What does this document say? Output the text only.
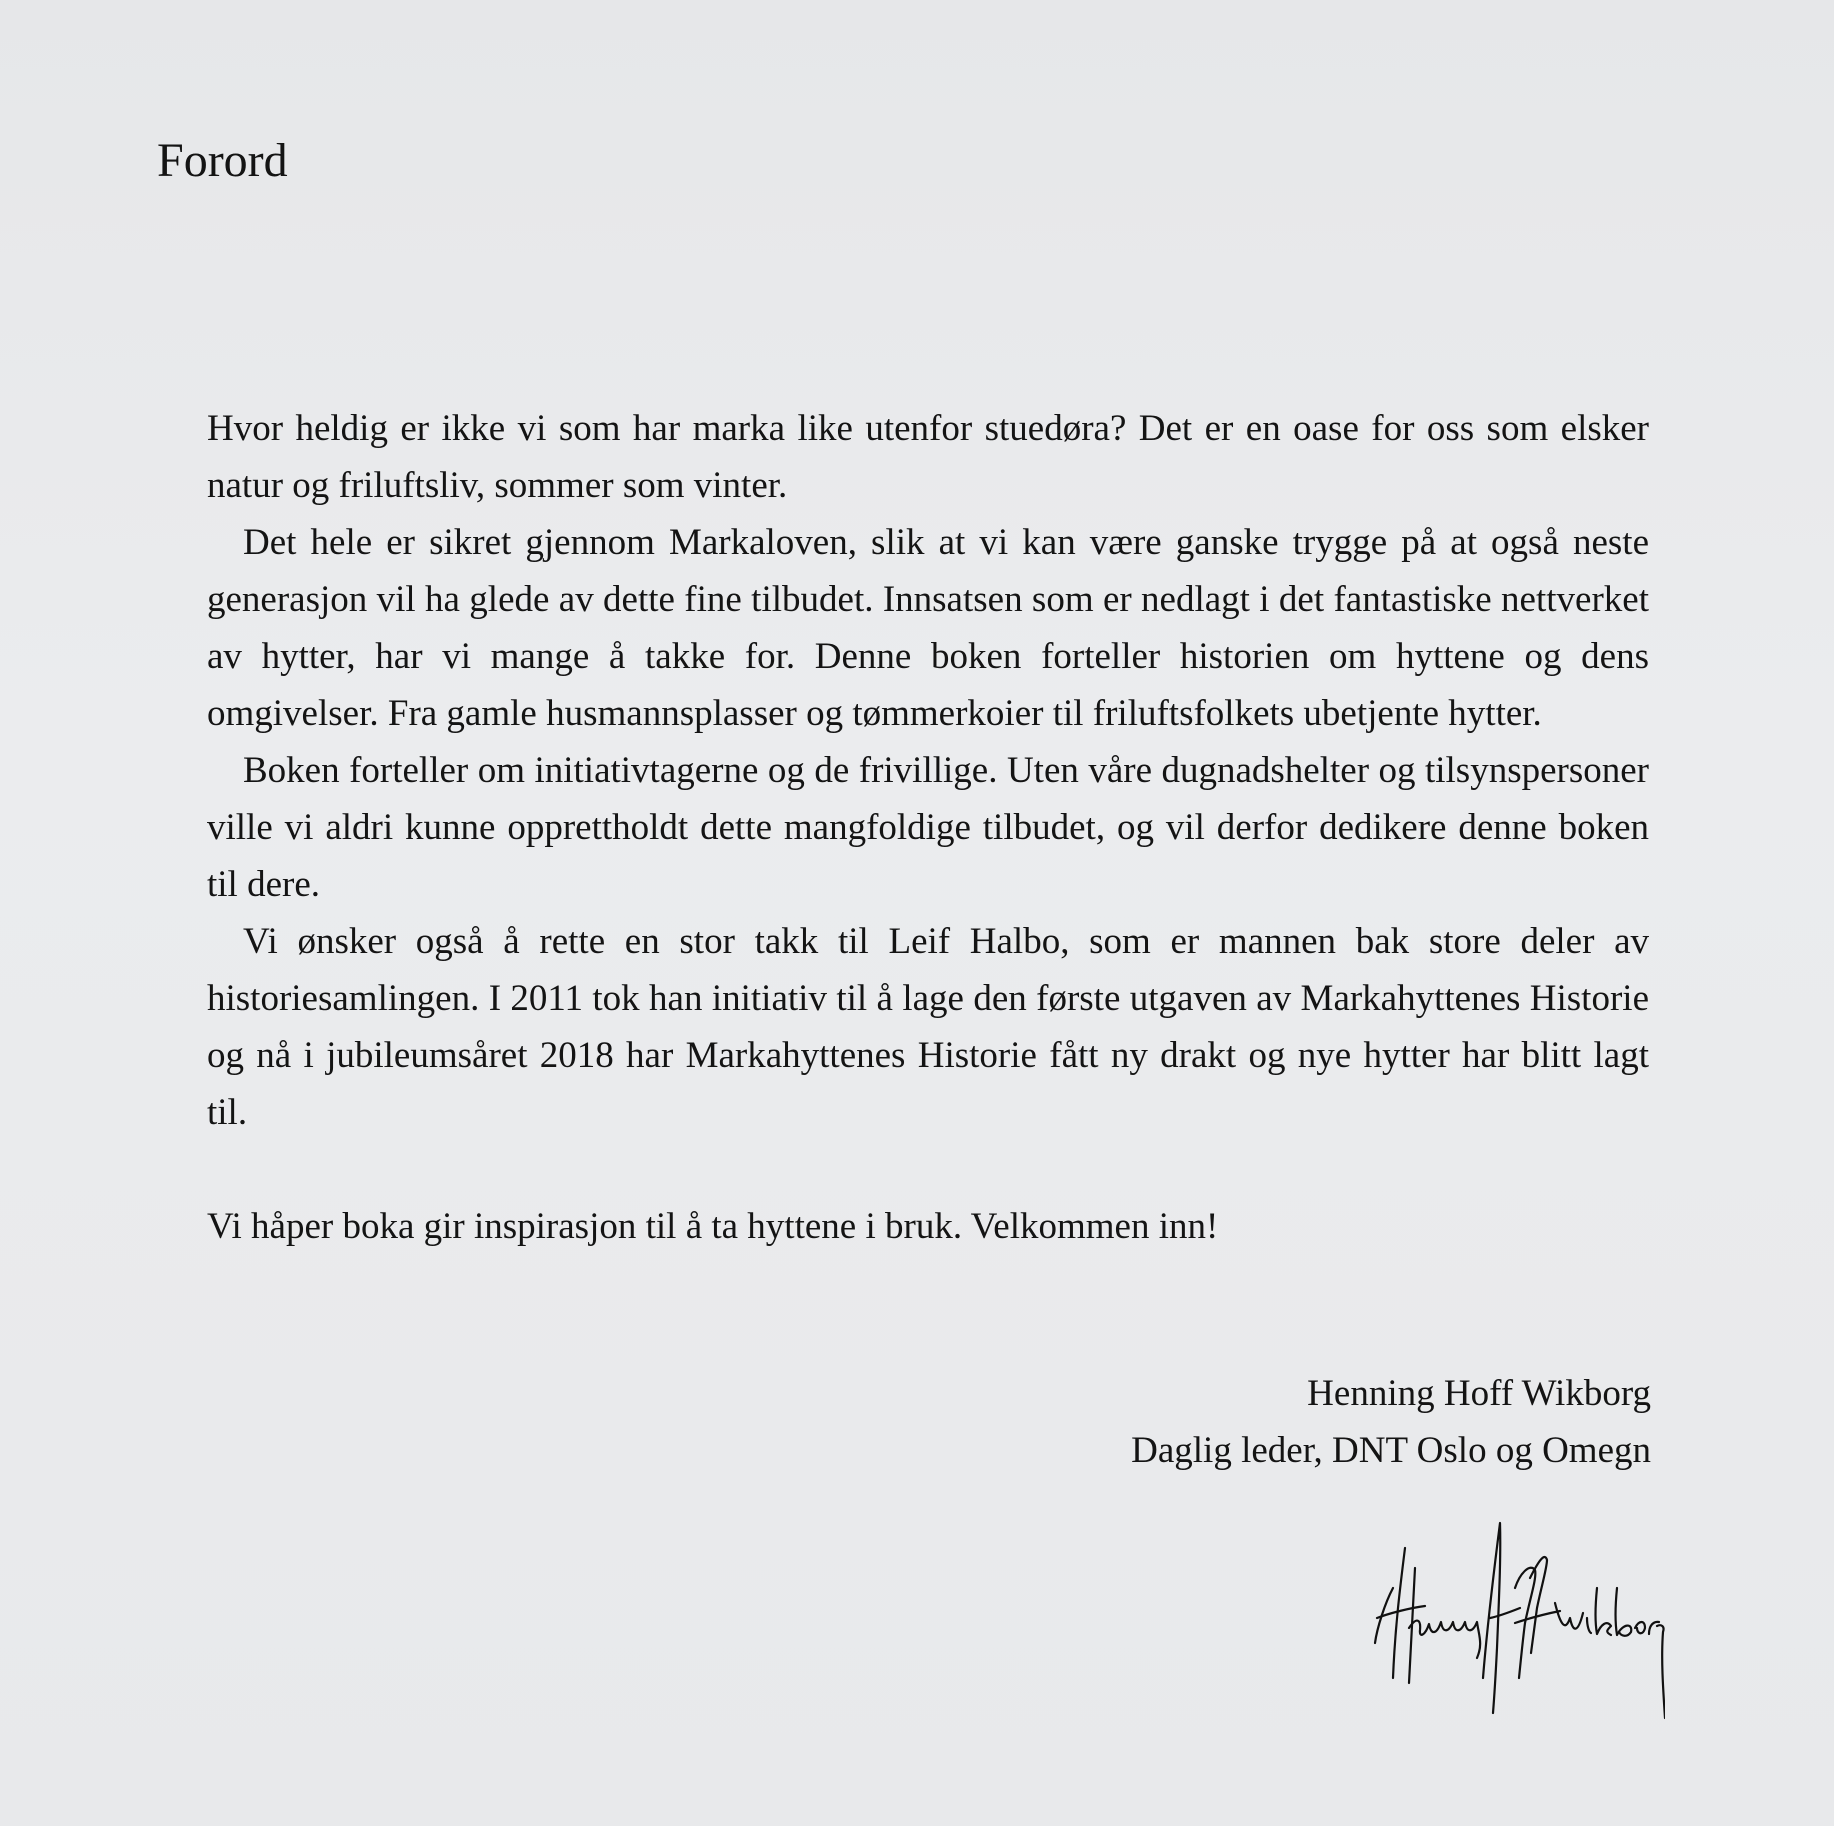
Forord

Hvor heldig er ikke vi som har marka like utenfor stuedøra? Det er en oase for oss som elsker natur og friluftsliv, sommer som vinter.

Det hele er sikret gjennom Markaloven, slik at vi kan være ganske trygge på at også neste generasjon vil ha glede av dette fine tilbudet. Innsatsen som er nedlagt i det fantastiske nettverket av hytter, har vi mange å takke for. Denne boken forteller historien om hyttene og dens omgivelser. Fra gamle husmannsplasser og tømmerkoier til friluftsfolkets ubetjente hytter.

Boken forteller om initiativtagerne og de frivillige. Uten våre dugnadshelter og tilsynspersoner ville vi aldri kunne opprettholdt dette mangfoldige tilbudet, og vil derfor dedikere denne boken til dere.

Vi ønsker også å rette en stor takk til Leif Halbo, som er mannen bak store deler av historiesamlingen. I 2011 tok han initiativ til å lage den første utgaven av Markahyttenes Historie og nå i jubileumsåret 2018 har Markahyttenes Historie fått ny drakt og nye hytter har blitt lagt til.

Vi håper boka gir inspirasjon til å ta hyttene i bruk. Velkommen inn!

Henning Hoff Wikborg
Daglig leder, DNT Oslo og Omegn
